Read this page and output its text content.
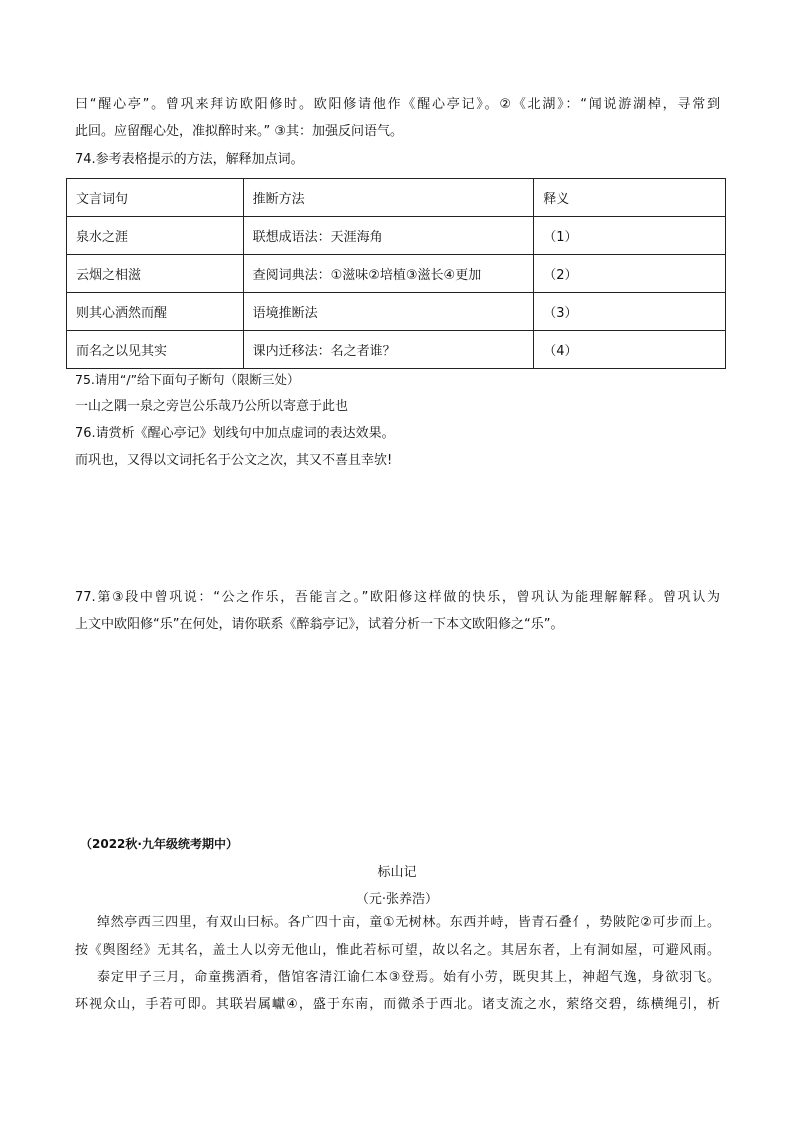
曰“醒心亭”。曾巩来拜访欧阳修时。欧阳修请他作《醒心亭记》。②《北湖》：“闻说游湖棹，寻常到
此回。应留醒心处，准拟醉时来。” ③其：加强反问语气。
74.参考表格提示的方法，解释加点词。
文言词句	推断方法	释义
泉水之涯	联想成语法：天涯海角	（1）
云烟之相滋	查阅词典法：①滋味②培植③滋长④更加	（2）
则其心洒然而醒	语境推断法	（3）
而名之以见其实	课内迁移法：名之者谁？	（4）
75.请用“/”给下面句子断句（限断三处）
一山之隅一泉之旁岂公乐哉乃公所以寄意于此也
76.请赏析《醒心亭记》划线句中加点虚词的表达效果。
而巩也，又得以文词托名于公文之次，其又不喜且幸欤!
77.第③段中曾巩说：“公之作乐，吾能言之。”欧阳修这样做的快乐，曾巩认为能理解解释。曾巩认为
上文中欧阳修“乐”在何处，请你联系《醉翁亭记》，试着分析一下本文欧阳修之“乐”。
（2022秋·九年级统考期中）
标山记
（元·张养浩）
绰然亭西三四里，有双山曰标。各广四十亩，童①无树林。东西并峙，皆青石叠亻，势陂陀②可步而上。
按《舆图经》无其名，盖土人以旁无他山，惟此若标可望，故以名之。其居东者，上有洞如屋，可避风雨。
泰定甲子三月，命童携酒肴，偕馆客清江谕仁本③登焉。始有小劳，既臾其上，神超气逸，身欲羽飞。
环视众山，手若可即。其联岩属巘④，盛于东南，而微杀于西北。诸支流之水，萦络交碧，练横绳引，析
